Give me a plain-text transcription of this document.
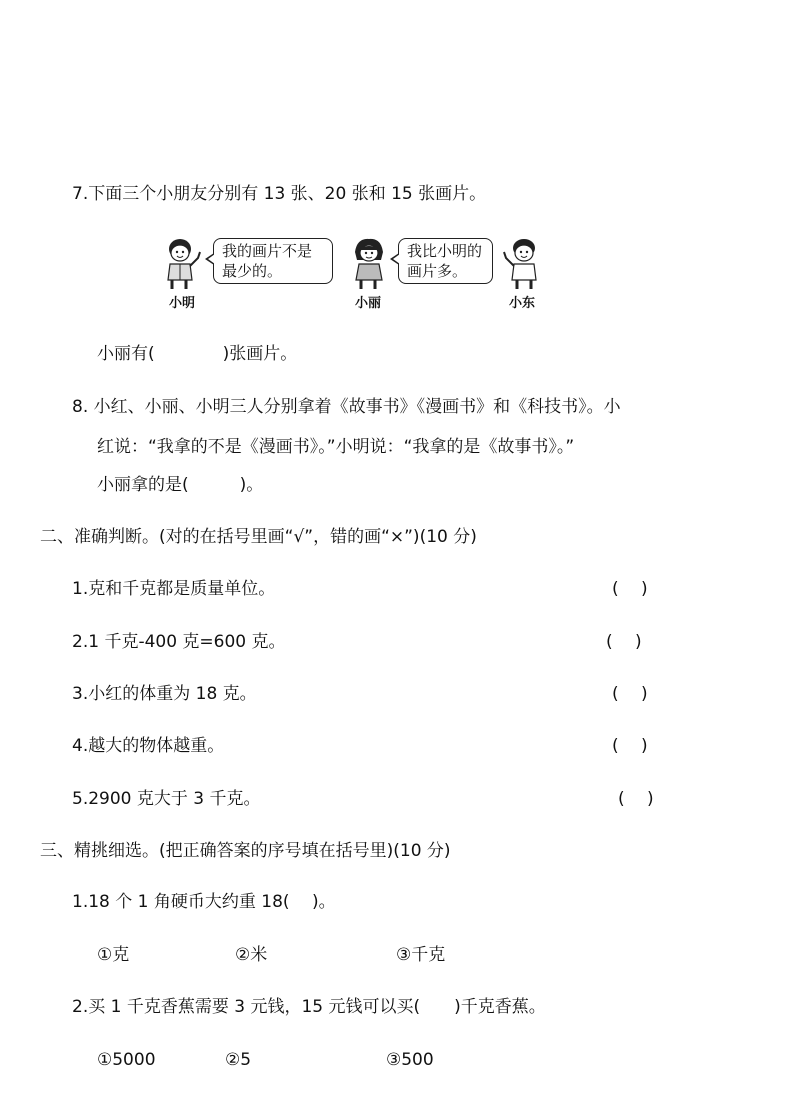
7.下面三个小朋友分别有 13 张、20 张和 15 张画片。
小明
我的画片不是
最少的。
小丽
我比小明的
画片多。
小东
小丽有(　　　　)张画片。
8. 小红、小丽、小明三人分别拿着《故事书》《漫画书》和《科技书》。小
红说：“我拿的不是《漫画书》。”小明说：“我拿的是《故事书》。”
小丽拿的是(　　　)。
二、准确判断。(对的在括号里画“√”，错的画“×”)(10 分)
1.克和千克都是质量单位。	(　 )
2.1 千克-400 克=600 克。	(　 )
3.小红的体重为 18 克。	(　 )
4.越大的物体越重。	(　 )
5.2900 克大于 3 千克。	(　 )
三、精挑细选。(把正确答案的序号填在括号里)(10 分)
1.18 个 1 角硬币大约重 18(　 )。
①克	②米	③千克
2.买 1 千克香蕉需要 3 元钱，15 元钱可以买(　　)千克香蕉。
①5000	②5	③500
